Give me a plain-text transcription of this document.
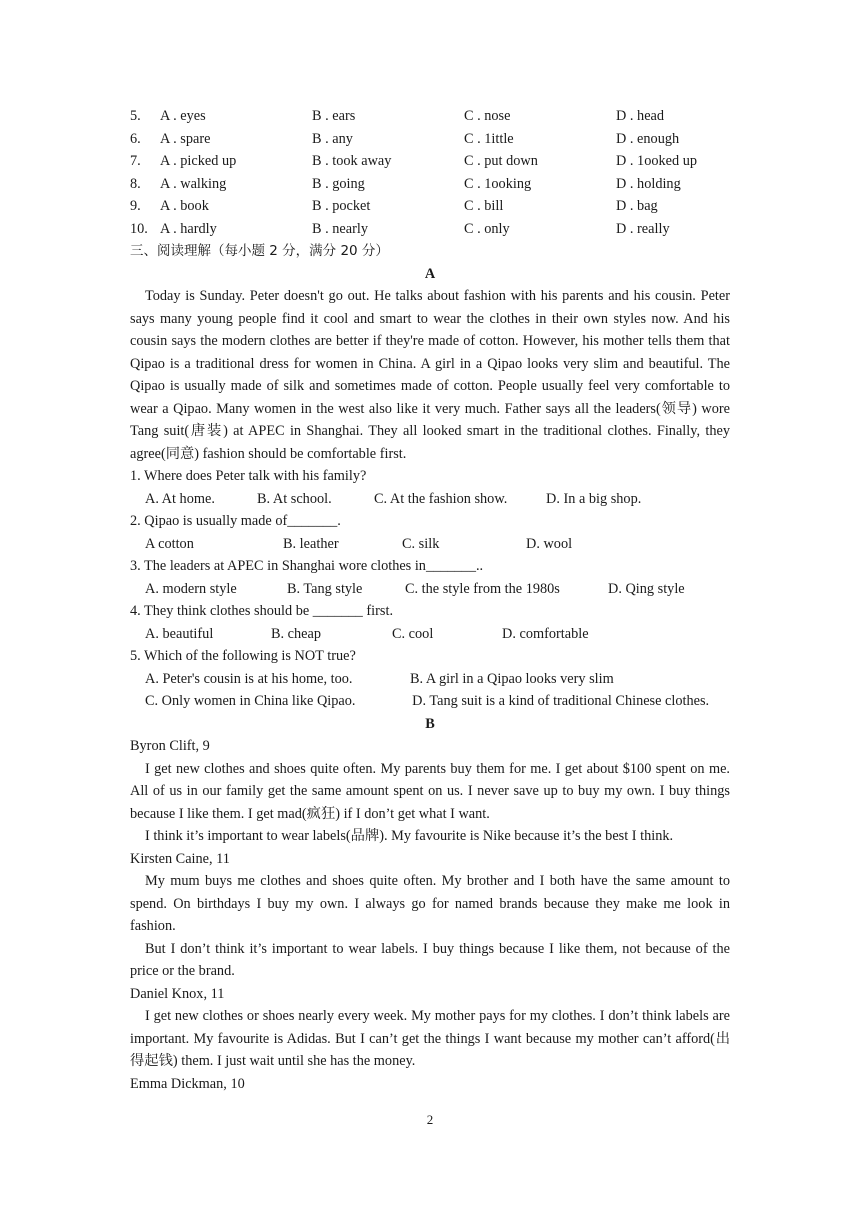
5.	A . eyes	B . ears	C . nose	D . head
6.	A . spare	B . any	C . 1ittle	D . enough
7.	A . picked up	B . took away	C . put down	D . 1ooked up
8.	A . walking	B . going	C . 1ooking	D . holding
9.	A . book	B . pocket	C . bill	D . bag
10. A . hardly	B . nearly	C . only	D . really
三、阅读理解（每小题 2 分，满分 20 分）
A
Today is Sunday. Peter doesn't go out. He talks about fashion with his parents and his cousin. Peter says many young people find it cool and smart to wear the clothes in their own styles now. And his cousin says the modern clothes are better if they're made of cotton. However, his mother tells them that Qipao is a traditional dress for women in China. A girl in a Qipao looks very slim and beautiful. The Qipao is usually made of silk and sometimes made of cotton. People usually feel very comfortable to wear a Qipao. Many women in the west also like it very much. Father says all the leaders(领导) wore Tang suit(唐装) at APEC in Shanghai. They all looked smart in the traditional clothes. Finally, they agree(同意) fashion should be comfortable first.
1. Where does Peter talk with his family?
A. At home.	B. At school.	C. At the fashion show.	D. In a big shop.
2. Qipao is usually made of_______.
A cotton	B. leather	C. silk	D. wool
3. The leaders at APEC in Shanghai wore clothes in_______..
A. modern style	B. Tang style	C. the style from the 1980s	D. Qing style
4. They think clothes should be _______ first.
A. beautiful	B. cheap	C. cool	D. comfortable
5. Which of the following is NOT true?
A. Peter's cousin is at his home, too.	B. A girl in a Qipao looks very slim
C. Only women in China like Qipao.	D. Tang suit is a kind of traditional Chinese clothes.
B
Byron Clift, 9
I get new clothes and shoes quite often. My parents buy them for me. I get about $100 spent on me. All of us in our family get the same amount spent on us. I never save up to buy my own. I buy things because I like them. I get mad(疯狂) if I don’t get what I want.
I think it’s important to wear labels(品牌). My favourite is Nike because it’s the best I think.
Kirsten Caine, 11
My mum buys me clothes and shoes quite often. My brother and I both have the same amount to spend. On birthdays I buy my own. I always go for named brands because they make me look in fashion.
But I don’t think it’s important to wear labels. I buy things because I like them, not because of the price or the brand.
Daniel Knox, 11
I get new clothes or shoes nearly every week. My mother pays for my clothes. I don’t think labels are important. My favourite is Adidas. But I can’t get the things I want because my mother can’t afford(出得起钱) them. I just wait until she has the money.
Emma Dickman, 10
2
